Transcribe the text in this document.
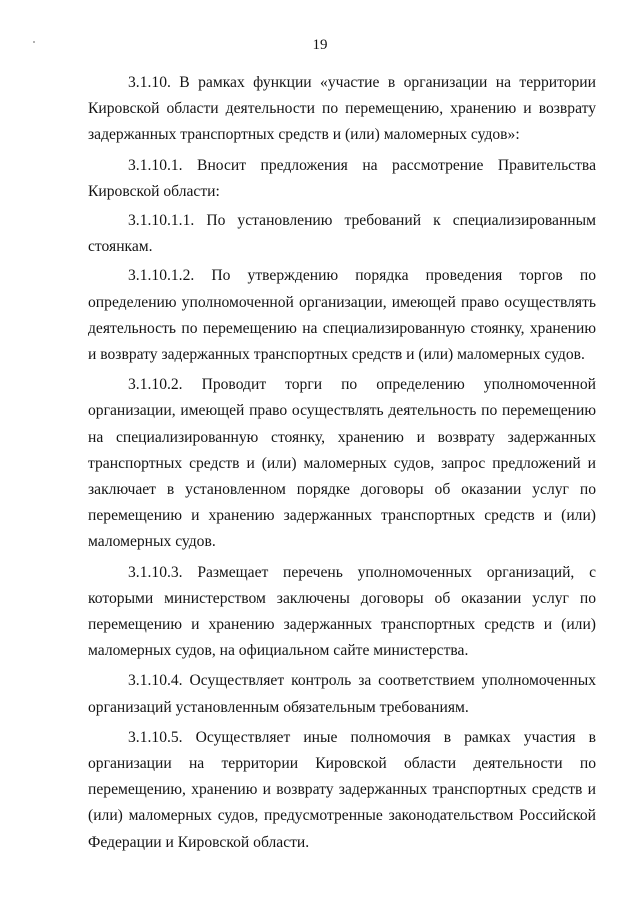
19

3.1.10. В рамках функции «участие в организации на территории Кировской области деятельности по перемещению, хранению и возврату задержанных транспортных средств и (или) маломерных судов»:

3.1.10.1. Вносит предложения на рассмотрение Правительства Кировской области:

3.1.10.1.1. По установлению требований к специализированным стоянкам.

3.1.10.1.2. По утверждению порядка проведения торгов по определению уполномоченной организации, имеющей право осуществлять деятельность по перемещению на специализированную стоянку, хранению и возврату задержанных транспортных средств и (или) маломерных судов.

3.1.10.2. Проводит торги по определению уполномоченной организации, имеющей право осуществлять деятельность по перемещению на специализированную стоянку, хранению и возврату задержанных транспортных средств и (или) маломерных судов, запрос предложений и заключает в установленном порядке договоры об оказании услуг по перемещению и хранению задержанных транспортных средств и (или) маломерных судов.

3.1.10.3. Размещает перечень уполномоченных организаций, с которыми министерством заключены договоры об оказании услуг по перемещению и хранению задержанных транспортных средств и (или) маломерных судов, на официальном сайте министерства.

3.1.10.4. Осуществляет контроль за соответствием уполномоченных организаций установленным обязательным требованиям.

3.1.10.5. Осуществляет иные полномочия в рамках участия в организации на территории Кировской области деятельности по перемещению, хранению и возврату задержанных транспортных средств и (или) маломерных судов, предусмотренные законодательством Российской Федерации и Кировской области.
